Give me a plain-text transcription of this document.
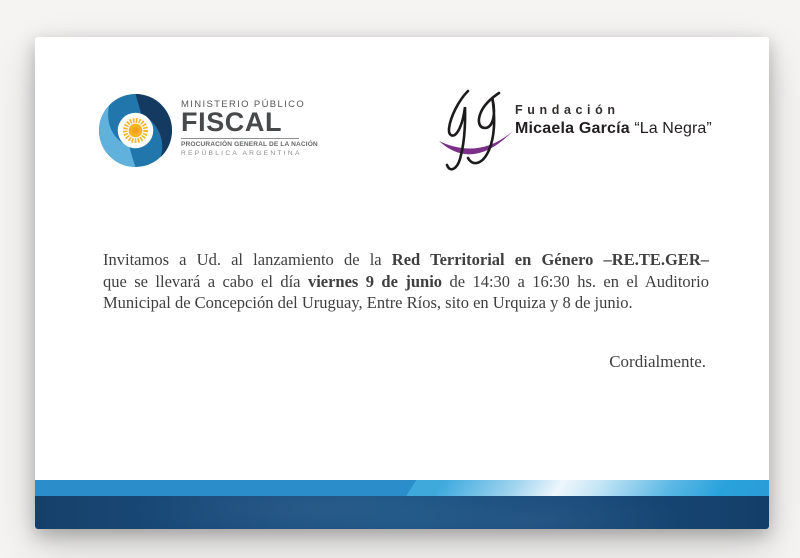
MINISTERIO PÚBLICO
FISCAL
PROCURACIÓN GENERAL DE LA NACIÓN
REPÚBLICA ARGENTINA
Fundación
Micaela García “La Negra”
Invitamos a Ud. al lanzamiento de la Red Territorial en Género –RE.TE.GER–
que se llevará a cabo el día viernes 9 de junio de 14:30 a 16:30 hs. en el Auditorio
Municipal de Concepción del Uruguay, Entre Ríos, sito en Urquiza y 8 de junio.
Cordialmente.
